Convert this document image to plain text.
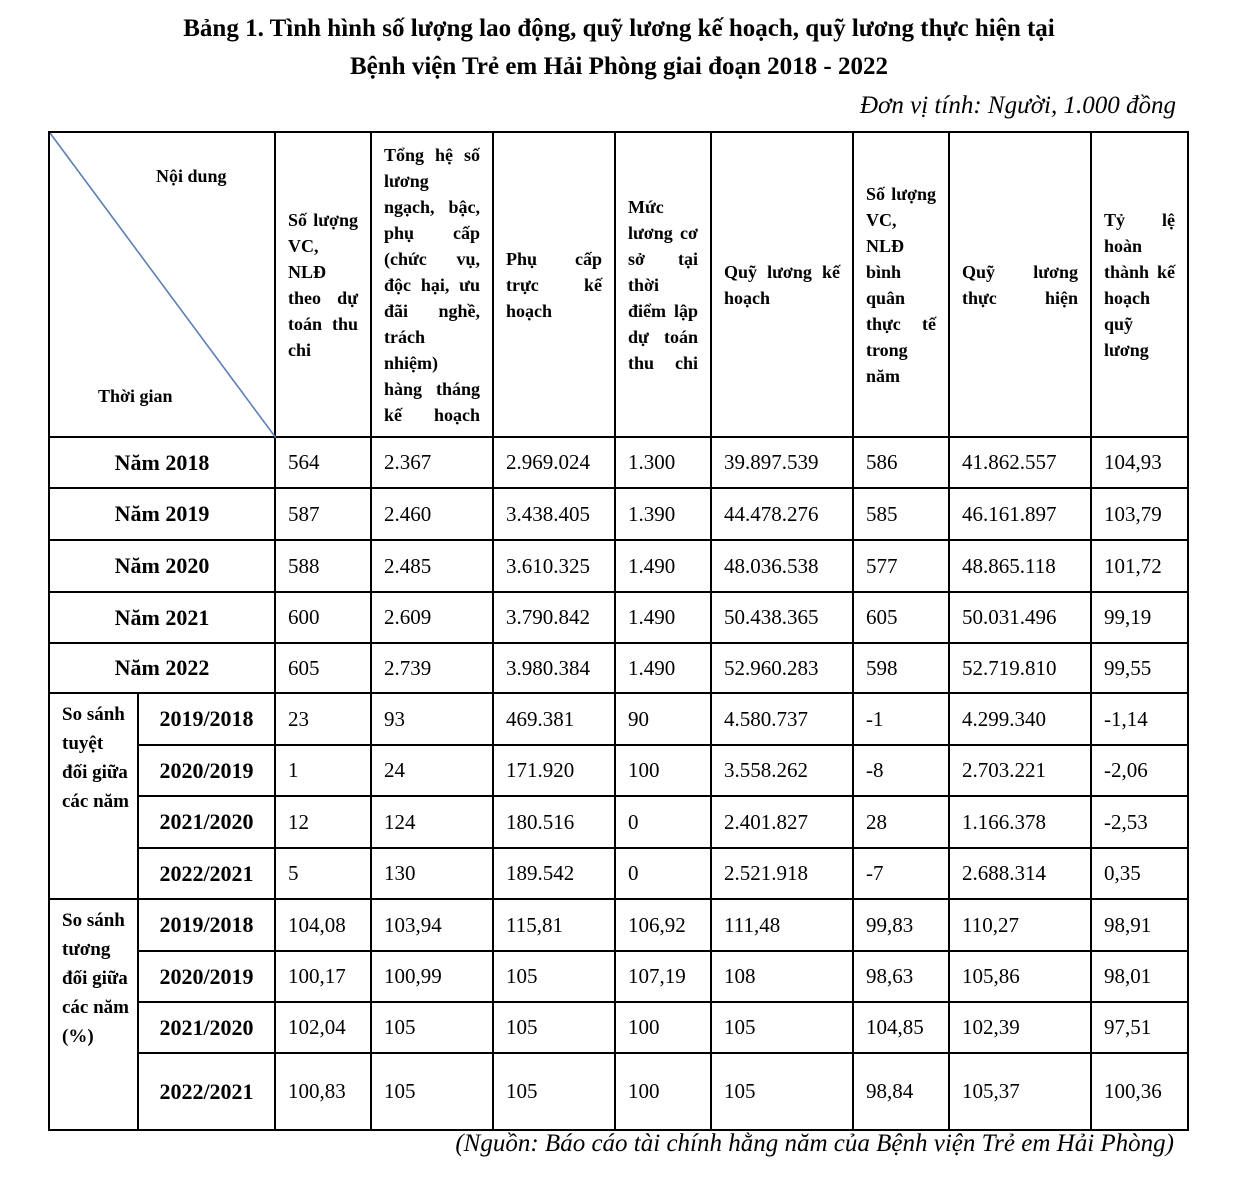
Bảng 1. Tình hình số lượng lao động, quỹ lương kế hoạch, quỹ lương thực hiện tại
Bệnh viện Trẻ em Hải Phòng giai đoạn 2018 - 2022
Đơn vị tính: Người, 1.000 đồng
Nội dung
Thời gian		Số lượng VC, NLĐ theo dự toán thu chi	Tổng hệ số lương ngạch, bậc, phụ cấp (chức vụ, độc hại, ưu đãi nghề, trách nhiệm) hàng tháng kế hoạch	Phụ cấp trực kế hoạch	Mức lương cơ sở tại thời điểm lập dự toán thu chi	Quỹ lương kế hoạch	Số lượng VC, NLĐ bình quân thực tế trong năm	Quỹ lương thực hiện	Tỷ lệ hoàn thành kế hoạch quỹ lương
Năm 2018		564	2.367	2.969.024	1.300	39.897.539	586	41.862.557	104,93
Năm 2019		587	2.460	3.438.405	1.390	44.478.276	585	46.161.897	103,79
Năm 2020		588	2.485	3.610.325	1.490	48.036.538	577	48.865.118	101,72
Năm 2021		600	2.609	3.790.842	1.490	50.438.365	605	50.031.496	99,19
Năm 2022		605	2.739	3.980.384	1.490	52.960.283	598	52.719.810	99,55
So sánh tuyệt đối giữa các năm	2019/2018	23	93	469.381	90	4.580.737	-1	4.299.340	-1,14
	2020/2019	1	24	171.920	100	3.558.262	-8	2.703.221	-2,06
	2021/2020	12	124	180.516	0	2.401.827	28	1.166.378	-2,53
	2022/2021	5	130	189.542	0	2.521.918	-7	2.688.314	0,35
So sánh tương đối giữa các năm (%)	2019/2018	104,08	103,94	115,81	106,92	111,48	99,83	110,27	98,91
	2020/2019	100,17	100,99	105	107,19	108	98,63	105,86	98,01
	2021/2020	102,04	105	105	100	105	104,85	102,39	97,51
	2022/2021	100,83	105	105	100	105	98,84	105,37	100,36
(Nguồn: Báo cáo tài chính hằng năm của Bệnh viện Trẻ em Hải Phòng)
